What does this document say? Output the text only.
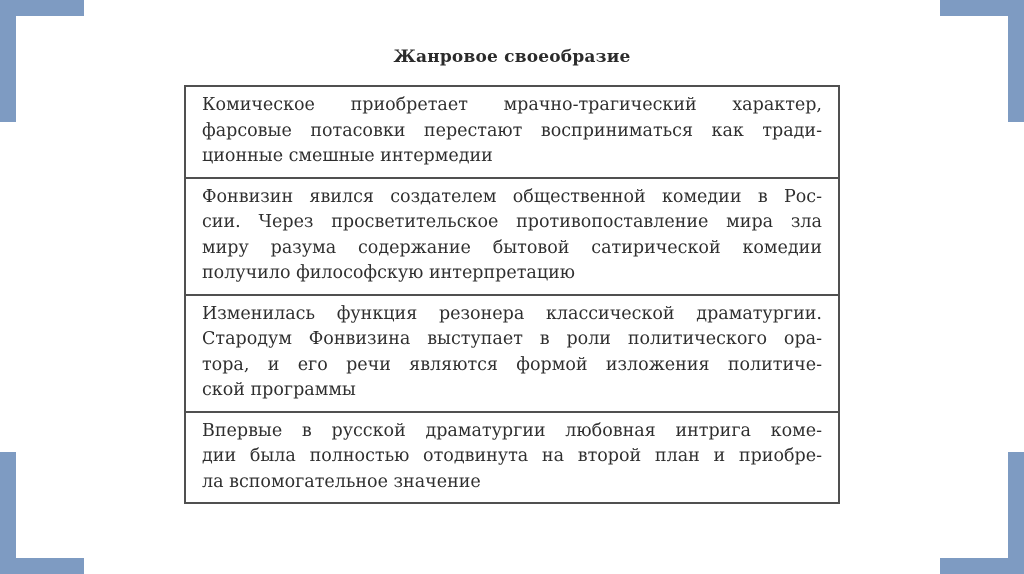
Жанровое своеобразие
Комическое приобретает мрачно-трагический характер,
фарсовые потасовки перестают восприниматься как тради-
ционные смешные интермедии
Фонвизин явился создателем общественной комедии в Рос-
сии. Через просветительское противопоставление мира зла
миру разума содержание бытовой сатирической комедии
получило философскую интерпретацию
Изменилась функция резонера классической драматургии.
Стародум Фонвизина выступает в роли политического ора-
тора, и его речи являются формой изложения политиче-
ской программы
Впервые в русской драматургии любовная интрига коме-
дии была полностью отодвинута на второй план и приобре-
ла вспомогательное значение
